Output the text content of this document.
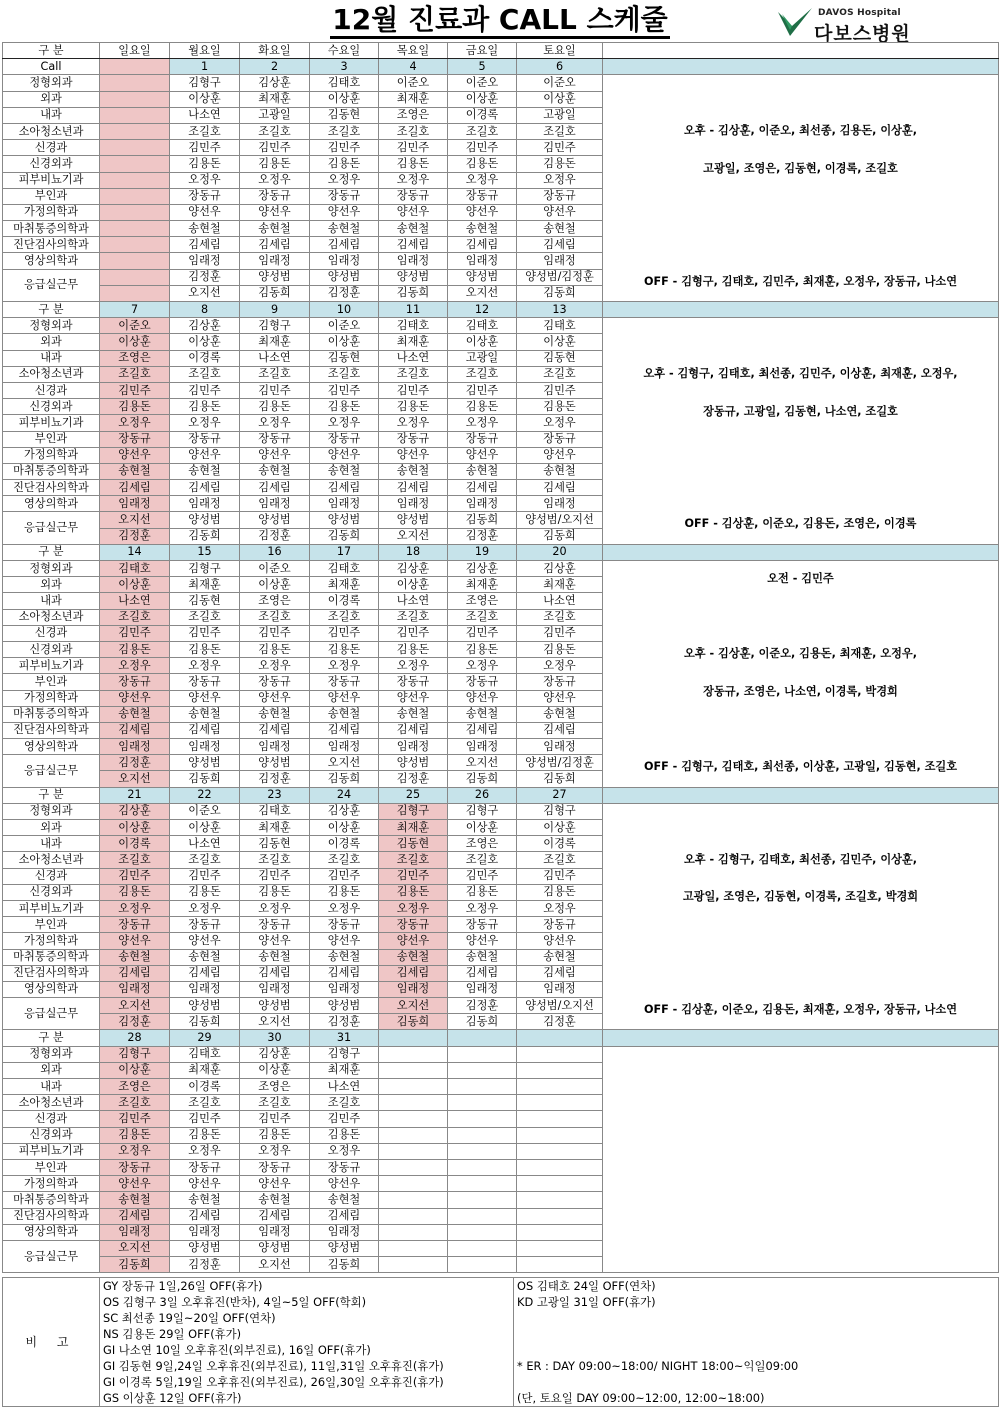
12월 진료과 CALL 스케줄	DAVOS Hospital
다보스병원
구 분	일요일	월요일	화요일	수요일	목요일	금요일	토요일	
Call		1	2	3	4	5	6	
정형외과		김형구	김상훈	김태호	이준오	이준오	이준오	오후 - 김상훈, 이준오, 최선종, 김용돈, 이상훈,
고광일, 조영은, 김동현, 이경록, 조길호
OFF - 김형구, 김태호, 김민주, 최재훈, 오정우, 장동규, 나소연

외과		이상훈	최재훈	이상훈	최재훈	이상훈	이상훈	
내과		나소연	고광일	김동현	조영은	이경록	고광일	
소아청소년과		조길호	조길호	조길호	조길호	조길호	조길호	
신경과		김민주	김민주	김민주	김민주	김민주	김민주	
신경외과		김용돈	김용돈	김용돈	김용돈	김용돈	김용돈	
피부비뇨기과		오정우	오정우	오정우	오정우	오정우	오정우	
부인과		장동규	장동규	장동규	장동규	장동규	장동규	
가정의학과		양선우	양선우	양선우	양선우	양선우	양선우	
마취통증의학과		송현철	송현철	송현철	송현철	송현철	송현철	
진단검사의학과		김세림	김세림	김세림	김세림	김세림	김세림	
영상의학과		임래정	임래정	임래정	임래정	임래정	임래정	
응급실근무		김정훈	양성범	양성범	양성범	양성범	양성범/김정훈	
		오지선	김동희	김정훈	김동희	오지선	김동희	
구 분	7	8	9	10	11	12	13	
정형외과	이준오	김상훈	김형구	이준오	김태호	김태호	김태호	오후 - 김형구, 김태호, 최선종, 김민주, 이상훈, 최재훈, 오정우,
장동규, 고광일, 김동현, 나소연, 조길호
OFF - 김상훈, 이준오, 김용돈, 조영은, 이경록

외과	이상훈	이상훈	최재훈	이상훈	최재훈	이상훈	이상훈	
내과	조영은	이경록	나소연	김동현	나소연	고광일	김동현	
소아청소년과	조길호	조길호	조길호	조길호	조길호	조길호	조길호	
신경과	김민주	김민주	김민주	김민주	김민주	김민주	김민주	
신경외과	김용돈	김용돈	김용돈	김용돈	김용돈	김용돈	김용돈	
피부비뇨기과	오정우	오정우	오정우	오정우	오정우	오정우	오정우	
부인과	장동규	장동규	장동규	장동규	장동규	장동규	장동규	
가정의학과	양선우	양선우	양선우	양선우	양선우	양선우	양선우	
마취통증의학과	송현철	송현철	송현철	송현철	송현철	송현철	송현철	
진단검사의학과	김세림	김세림	김세림	김세림	김세림	김세림	김세림	
영상의학과	임래정	임래정	임래정	임래정	임래정	임래정	임래정	
응급실근무	오지선	양성범	양성범	양성범	양성범	김동희	양성범/오지선	
	김정훈	김동희	김정훈	김동희	오지선	김정훈	김동희	
구 분	14	15	16	17	18	19	20	
정형외과	김태호	김형구	이준오	김태호	김상훈	김상훈	김상훈	오전 - 김민주
오후 - 김상훈, 이준오, 김용돈, 최재훈, 오정우,
장동규, 조영은, 나소연, 이경록, 박경희
OFF - 김형구, 김태호, 최선종, 이상훈, 고광일, 김동현, 조길호

외과	이상훈	최재훈	이상훈	최재훈	이상훈	최재훈	최재훈	
내과	나소연	김동현	조영은	이경록	나소연	조영은	나소연	
소아청소년과	조길호	조길호	조길호	조길호	조길호	조길호	조길호	
신경과	김민주	김민주	김민주	김민주	김민주	김민주	김민주	
신경외과	김용돈	김용돈	김용돈	김용돈	김용돈	김용돈	김용돈	
피부비뇨기과	오정우	오정우	오정우	오정우	오정우	오정우	오정우	
부인과	장동규	장동규	장동규	장동규	장동규	장동규	장동규	
가정의학과	양선우	양선우	양선우	양선우	양선우	양선우	양선우	
마취통증의학과	송현철	송현철	송현철	송현철	송현철	송현철	송현철	
진단검사의학과	김세림	김세림	김세림	김세림	김세림	김세림	김세림	
영상의학과	임래정	임래정	임래정	임래정	임래정	임래정	임래정	
응급실근무	김정훈	양성범	양성범	오지선	양성범	오지선	양성범/김정훈	
	오지선	김동희	김정훈	김동희	김정훈	김동희	김동희	
구 분	21	22	23	24	25	26	27	
정형외과	김상훈	이준오	김태호	김상훈	김형구	김형구	김형구	오후 - 김형구, 김태호, 최선종, 김민주, 이상훈,
고광일, 조영은, 김동현, 이경록, 조길호, 박경희
OFF - 김상훈, 이준오, 김용돈, 최재훈, 오정우, 장동규, 나소연

외과	이상훈	이상훈	최재훈	이상훈	최재훈	이상훈	이상훈	
내과	이경록	나소연	김동현	이경록	김동현	조영은	이경록	
소아청소년과	조길호	조길호	조길호	조길호	조길호	조길호	조길호	
신경과	김민주	김민주	김민주	김민주	김민주	김민주	김민주	
신경외과	김용돈	김용돈	김용돈	김용돈	김용돈	김용돈	김용돈	
피부비뇨기과	오정우	오정우	오정우	오정우	오정우	오정우	오정우	
부인과	장동규	장동규	장동규	장동규	장동규	장동규	장동규	
가정의학과	양선우	양선우	양선우	양선우	양선우	양선우	양선우	
마취통증의학과	송현철	송현철	송현철	송현철	송현철	송현철	송현철	
진단검사의학과	김세림	김세림	김세림	김세림	김세림	김세림	김세림	
영상의학과	임래정	임래정	임래정	임래정	임래정	임래정	임래정	
응급실근무	오지선	양성범	양성범	양성범	오지선	김정훈	양성범/오지선	
	김정훈	김동희	오지선	김정훈	김동희	김동희	김정훈	
구 분	28	29	30	31				
정형외과	김형구	김태호	김상훈	김형구				

외과	이상훈	최재훈	이상훈	최재훈				
내과	조영은	이경록	조영은	나소연				
소아청소년과	조길호	조길호	조길호	조길호				
신경과	김민주	김민주	김민주	김민주				
신경외과	김용돈	김용돈	김용돈	김용돈				
피부비뇨기과	오정우	오정우	오정우	오정우				
부인과	장동규	장동규	장동규	장동규				
가정의학과	양선우	양선우	양선우	양선우				
마취통증의학과	송현철	송현철	송현철	송현철				
진단검사의학과	김세림	김세림	김세림	김세림				
영상의학과	임래정	임래정	임래정	임래정				
응급실근무	오지선	양성범	양성범	양성범				
	김동희	김정훈	오지선	김동희				
비 고	
GY 장동규 1일,26일 OFF(휴가)
OS 김형구 3일 오후휴진(반차), 4일~5일 OFF(학회)
SC 최선종 19일~20일 OFF(연차)
NS 김용돈 29일 OFF(휴가)
GI 나소연 10일 오후휴진(외부진료), 16일 OFF(휴가)
GI 김동현 9일,24일 오후휴진(외부진료), 11일,31일 오후휴진(휴가)
GI 이경록 5일,19일 오후휴진(외부진료), 26일,30일 오후휴진(휴가)
GS 이상훈 12일 OFF(휴가)

OS 김태호 24일 OFF(연차)
KD 고광일 31일 OFF(휴가)
* ER : DAY 09:00~18:00/ NIGHT 18:00~익일09:00
(단, 토요일 DAY 09:00~12:00, 12:00~18:00)
